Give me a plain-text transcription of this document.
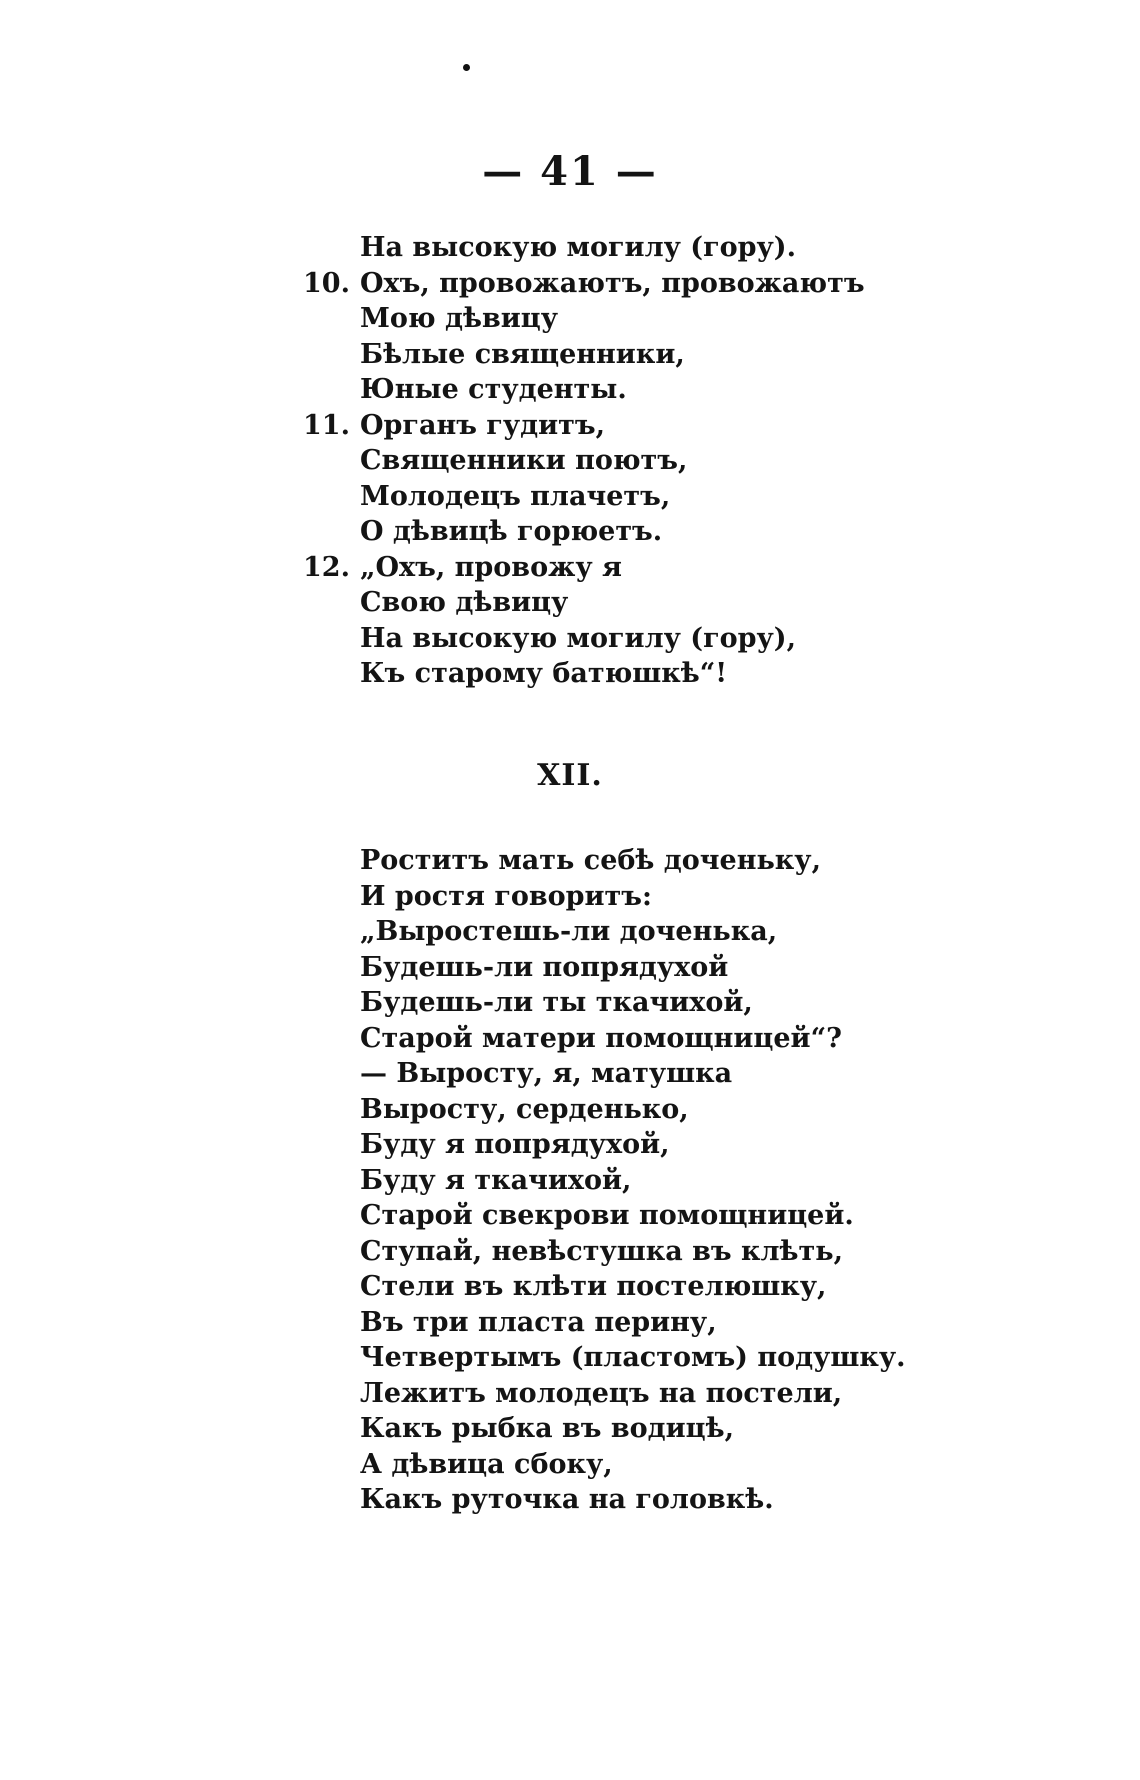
— 41 —
На высокую могилу (гору).
10. Охъ, провожаютъ, провожаютъ
Мою дѣвицу
Бѣлые священники,
Юные студенты.
11. Органъ гудитъ,
Священники поютъ,
Молодецъ плачетъ,
О дѣвицѣ горюетъ.
12. „Охъ, провожу я
Свою дѣвицу
На высокую могилу (гору),
Къ старому батюшкѣ“!
XII.
Роститъ мать себѣ доченьку,
И ростя говоритъ:
„Выростешь-ли доченька,
Будешь-ли попрядухой
Будешь-ли ты ткачихой,
Старой матери помощницей“?
— Выросту, я, матушка
Выросту, серденько,
Буду я попрядухой,
Буду я ткачихой,
Старой свекрови помощницей.
Ступай, невѣстушка въ клѣть,
Стели въ клѣти постелюшку,
Въ три пласта перину,
Четвертымъ (пластомъ) подушку.
Лежитъ молодецъ на постели,
Какъ рыбка въ водицѣ,
А дѣвица сбоку,
Какъ руточка на головкѣ.
